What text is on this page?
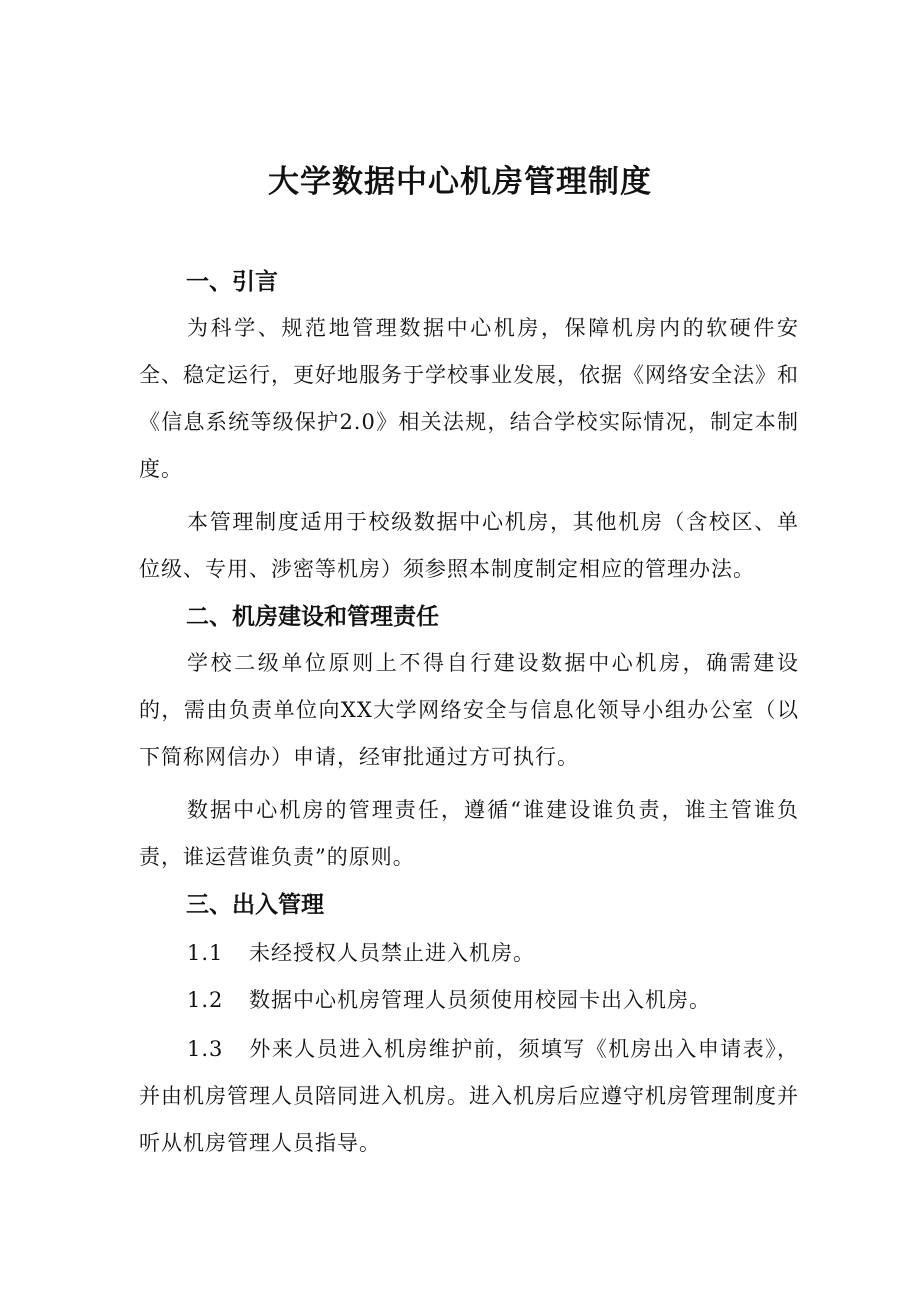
大学数据中心机房管理制度
一、引言
为科学、规范地管理数据中心机房，保障机房内的软硬件安全、稳定运行，更好地服务于学校事业发展，依据《网络安全法》和《信息系统等级保护2.0》相关法规，结合学校实际情况，制定本制度。
本管理制度适用于校级数据中心机房，其他机房（含校区、单位级、专用、涉密等机房）须参照本制度制定相应的管理办法。
二、机房建设和管理责任
学校二级单位原则上不得自行建设数据中心机房，确需建设的，需由负责单位向XX大学网络安全与信息化领导小组办公室（以下简称网信办）申请，经审批通过方可执行。
数据中心机房的管理责任，遵循“谁建设谁负责，谁主管谁负责，谁运营谁负责”的原则。
三、出入管理
1.1 未经授权人员禁止进入机房。
1.2 数据中心机房管理人员须使用校园卡出入机房。
1.3 外来人员进入机房维护前，须填写《机房出入申请表》，并由机房管理人员陪同进入机房。进入机房后应遵守机房管理制度并听从机房管理人员指导。
